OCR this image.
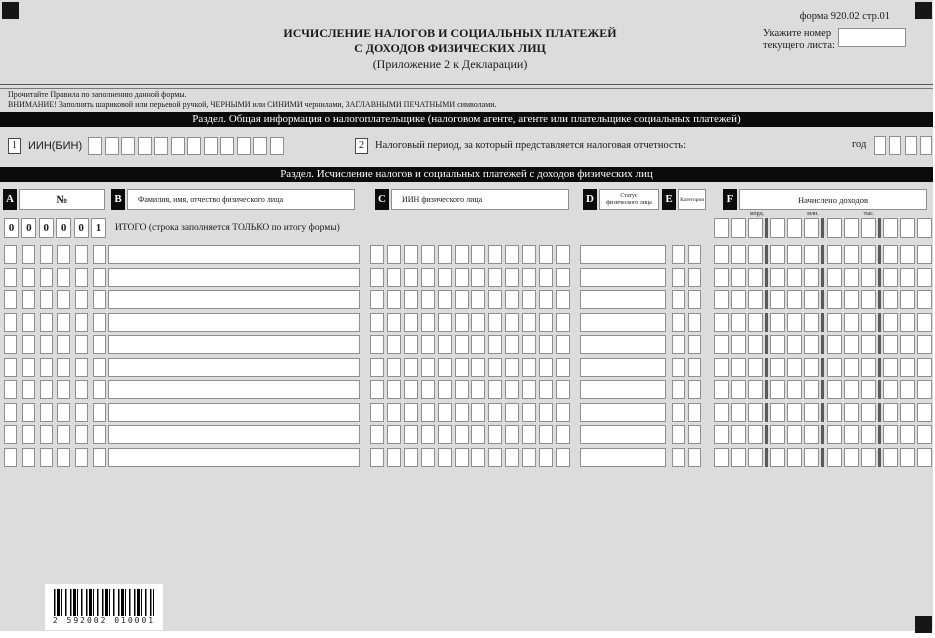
форма 920.02 стр.01
ИСЧИСЛЕНИЕ НАЛОГОВ И СОЦИАЛЬНЫХ ПЛАТЕЖЕЙ
С ДОХОДОВ ФИЗИЧЕСКИХ ЛИЦ
(Приложение 2 к Декларации)
Укажите номер
текущего листа:
Прочитайте Правила по заполнению данной формы.
ВНИМАНИЕ! Заполнять шариковой или перьевой ручкой, ЧЕРНЫМИ или СИНИМИ чернилами, ЗАГЛАВНЫМИ ПЕЧАТНЫМИ символами.
Раздел. Общая информация о налогоплательщике (налоговом агенте, агенте или плательщике социальных платежей)
1	ИИН(БИН)	2	Налоговый период, за который представляется налоговая отчетность:	год
Раздел. Исчисление налогов и социальных платежей с доходов физических лиц
A	№	B	Фамилия, имя, отчество физического лица	C	ИИН физического лица	D	Статус
физического лица	E	Категория	F	Начислено доходов
млрд.	млн.	тыс.
0	0	0	0	0	1	ИТОГО (строка заполняется ТОЛЬКО по итогу формы)
2 592002 010001
